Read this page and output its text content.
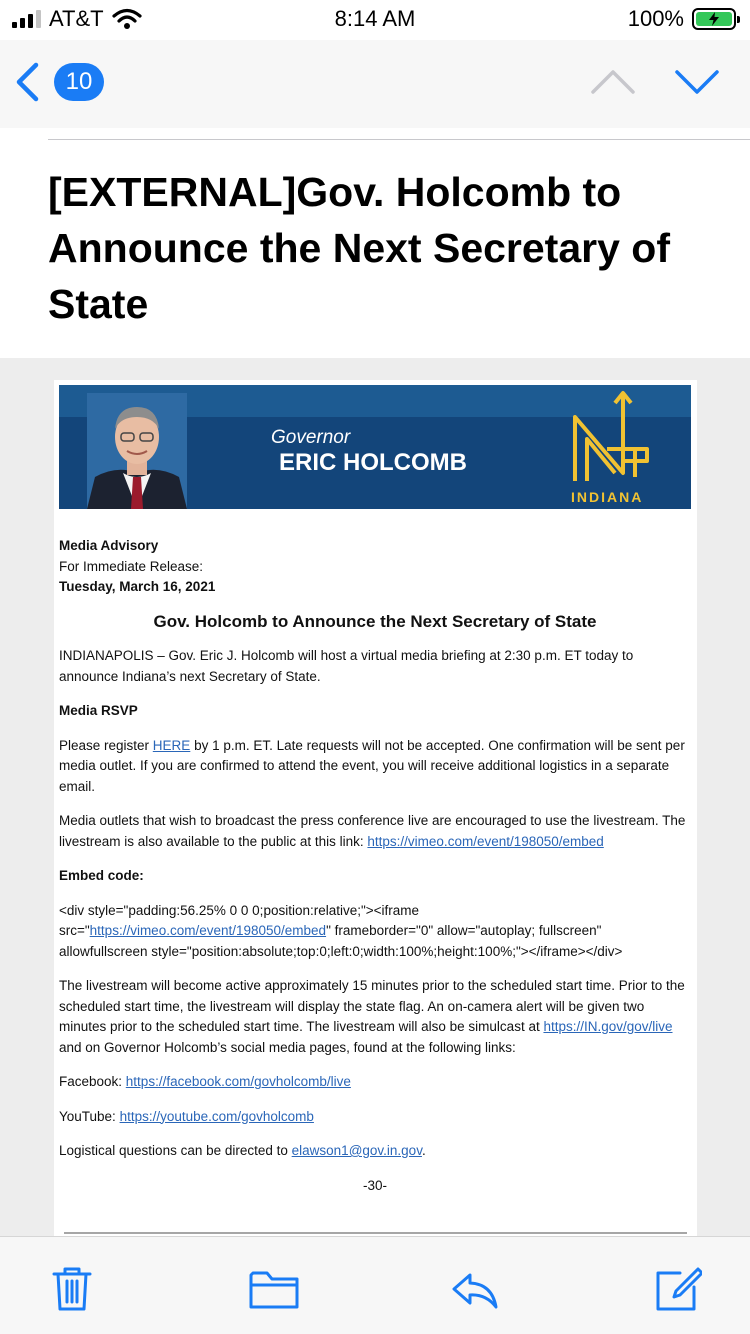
AT&T	8:14 AM	100%
10
[EXTERNAL]Gov. Holcomb to Announce the Next Secretary of State
Governor
ERIC HOLCOMB
INDIANA

Media Advisory

For Immediate Release:

Tuesday, March 16, 2021

Gov. Holcomb to Announce the Next Secretary of State

INDIANAPOLIS – Gov. Eric J. Holcomb will host a virtual media briefing at 2:30 p.m. ET today to announce Indiana’s next Secretary of State.

Media RSVP

Please register HERE by 1 p.m. ET. Late requests will not be accepted. One confirmation will be sent per media outlet. If you are confirmed to attend the event, you will receive additional logistics in a separate email.

Media outlets that wish to broadcast the press conference live are encouraged to use the livestream. The livestream is also available to the public at this link: https://vimeo.com/event/198050/embed

Embed code:

<div style="padding:56.25% 0 0 0;position:relative;"><iframe src="https://vimeo.com/event/198050/embed" frameborder="0" allow="autoplay; fullscreen" allowfullscreen style="position:absolute;top:0;left:0;width:100%;height:100%;"></iframe></div>

The livestream will become active approximately 15 minutes prior to the scheduled start time. Prior to the scheduled start time, the livestream will display the state flag. An on-camera alert will be given two minutes prior to the scheduled start time. The livestream will also be simulcast at https://IN.gov/gov/live and on Governor Holcomb’s social media pages, found at the following links:

Facebook: https://facebook.com/govholcomb/live

YouTube: https://youtube.com/govholcomb

Logistical questions can be directed to elawson1@gov.in.gov.

-30-
